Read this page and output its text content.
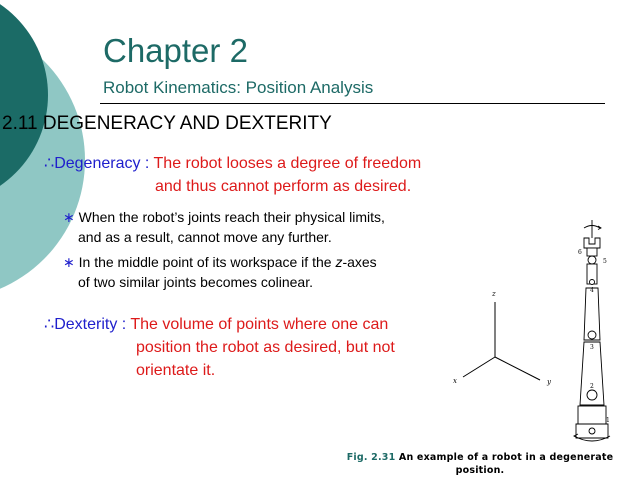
Chapter 2
Robot Kinematics: Position Analysis
2.11 DEGENERACY AND DEXTERITY
∴Degeneracy : The robot looses a degree of freedom
and thus cannot perform as desired.
∗ When the robot’s joints reach their physical limits,
and as a result, cannot move any further.
∗ In the middle point of its workspace if the z-axes
of two similar joints becomes colinear.
∴Dexterity : The volume of points where one can
position the robot as desired, but not
orientate it.
z
x	y
6
5
4
3
2
1
Fig. 2.31 An example of a robot in a degenerate
position.
